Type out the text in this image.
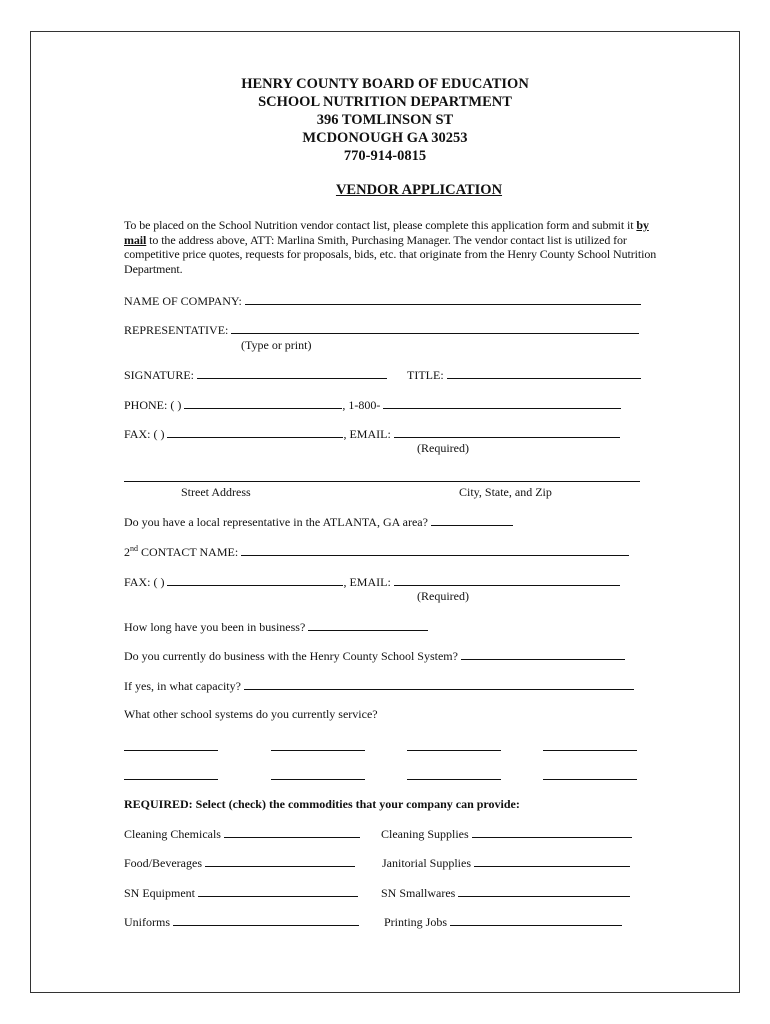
HENRY COUNTY BOARD OF EDUCATION
SCHOOL NUTRITION DEPARTMENT
396 TOMLINSON ST
MCDONOUGH GA 30253
770-914-0815
VENDOR APPLICATION
To be placed on the School Nutrition vendor contact list, please complete this application form and submit it by mail to the address above, ATT: Marlina Smith, Purchasing Manager. The vendor contact list is utilized for competitive price quotes, requests for proposals, bids, etc. that originate from the Henry County School Nutrition Department.
NAME OF COMPANY:
REPRESENTATIVE:
(Type or print)
SIGNATURE:	TITLE:
PHONE: ( )	, 1-800-
FAX: ( )	, EMAIL:
(Required)
Street Address	City, State, and Zip
Do you have a local representative in the ATLANTA, GA area?
2nd CONTACT NAME:
FAX: ( )	, EMAIL:
(Required)
How long have you been in business?
Do you currently do business with the Henry County School System?
If yes, in what capacity?
What other school systems do you currently service?
REQUIRED: Select (check) the commodities that your company can provide:
Cleaning Chemicals	Cleaning Supplies
Food/Beverages	Janitorial Supplies
SN Equipment	SN Smallwares
Uniforms	Printing Jobs
